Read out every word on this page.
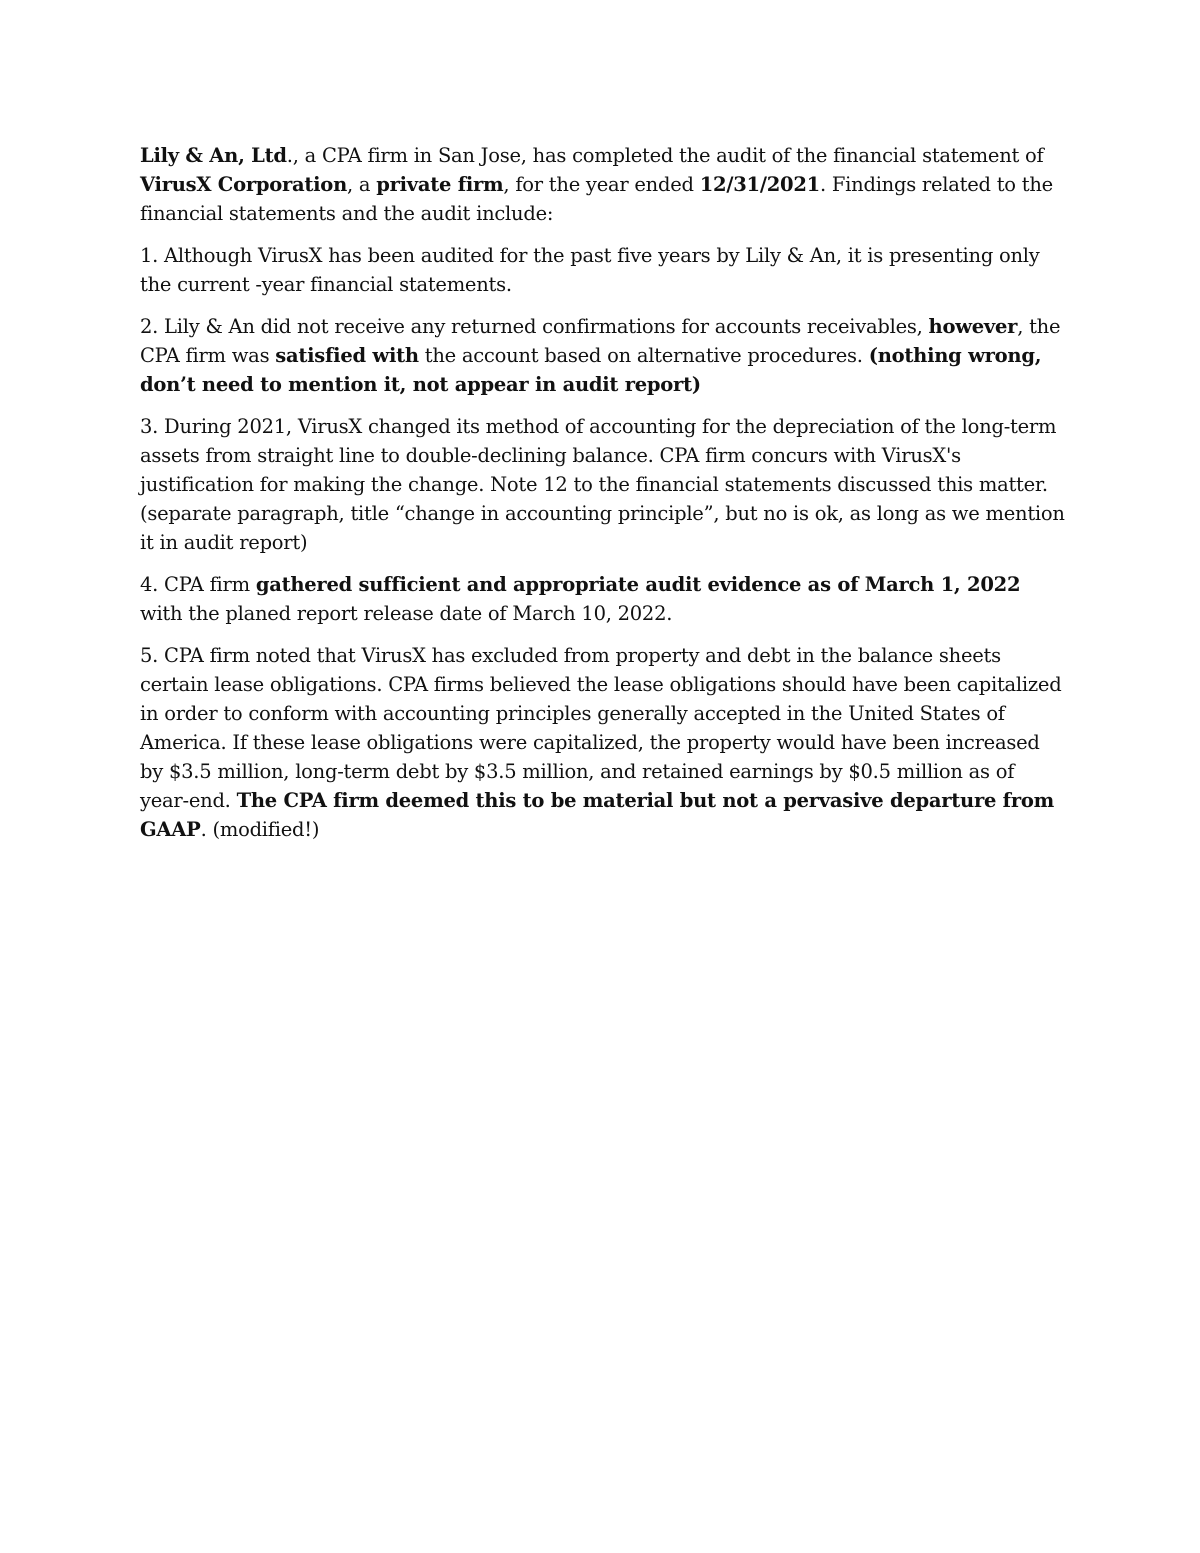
Lily & An, Ltd., a CPA firm in San Jose, has completed the audit of the financial statement of VirusX Corporation, a private firm, for the year ended 12/31/2021. Findings related to the financial statements and the audit include:

1. Although VirusX has been audited for the past five years by Lily & An, it is presenting only the current -year financial statements.

2. Lily & An did not receive any returned confirmations for accounts receivables, however, the CPA firm was satisfied with the account based on alternative procedures. (nothing wrong, don’t need to mention it, not appear in audit report)

3. During 2021, VirusX changed its method of accounting for the depreciation of the long-term assets from straight line to double-declining balance. CPA firm concurs with VirusX's justification for making the change. Note 12 to the financial statements discussed this matter. (separate paragraph, title “change in accounting principle”, but no is ok, as long as we mention it in audit report)

4. CPA firm gathered sufficient and appropriate audit evidence as of March 1, 2022 with the planed report release date of March 10, 2022.

5. CPA firm noted that VirusX has excluded from property and debt in the balance sheets certain lease obligations. CPA firms believed the lease obligations should have been capitalized in order to conform with accounting principles generally accepted in the United States of America. If these lease obligations were capitalized, the property would have been increased by $3.5 million, long-term debt by $3.5 million, and retained earnings by $0.5 million as of year-end. The CPA firm deemed this to be material but not a pervasive departure from GAAP. (modified!)
